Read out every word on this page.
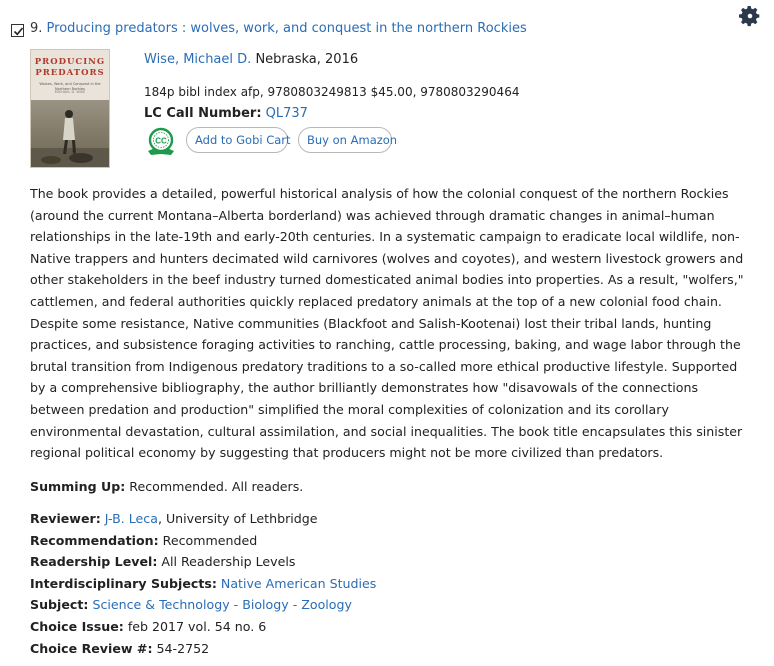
9. Producing predators : wolves, work, and conquest in the northern Rockies
PRODUCING
PREDATORS
Wolves, Work, and Conquest in the Northern Rockies
MICHAEL D. WISE
Wise, Michael D. Nebraska, 2016
184p bibl index afp, 9780803249813 $45.00, 9780803290464
LC Call Number: QL737
CC	Add to Gobi Cart	Buy on Amazon
The book provides a detailed, powerful historical analysis of how the colonial conquest of the northern Rockies (around the current Montana–Alberta borderland) was achieved through dramatic changes in animal–human relationships in the late-19th and early-20th centuries. In a systematic campaign to eradicate local wildlife, non-Native trappers and hunters decimated wild carnivores (wolves and coyotes), and western livestock growers and other stakeholders in the beef industry turned domesticated animal bodies into properties. As a result, "wolfers," cattlemen, and federal authorities quickly replaced predatory animals at the top of a new colonial food chain. Despite some resistance, Native communities (Blackfoot and Salish-Kootenai) lost their tribal lands, hunting practices, and subsistence foraging activities to ranching, cattle processing, baking, and wage labor through the brutal transition from Indigenous predatory traditions to a so-called more ethical productive lifestyle. Supported by a comprehensive bibliography, the author brilliantly demonstrates how "disavowals of the connections between predation and production" simplified the moral complexities of colonization and its corollary environmental devastation, cultural assimilation, and social inequalities. The book title encapsulates this sinister regional political economy by suggesting that producers might not be more civilized than predators.
Summing Up: Recommended. All readers.
Reviewer: J-B. Leca, University of Lethbridge
Recommendation: Recommended
Readership Level: All Readership Levels
Interdisciplinary Subjects: Native American Studies
Subject: Science & Technology - Biology - Zoology
Choice Issue: feb 2017 vol. 54 no. 6
Choice Review #: 54-2752
